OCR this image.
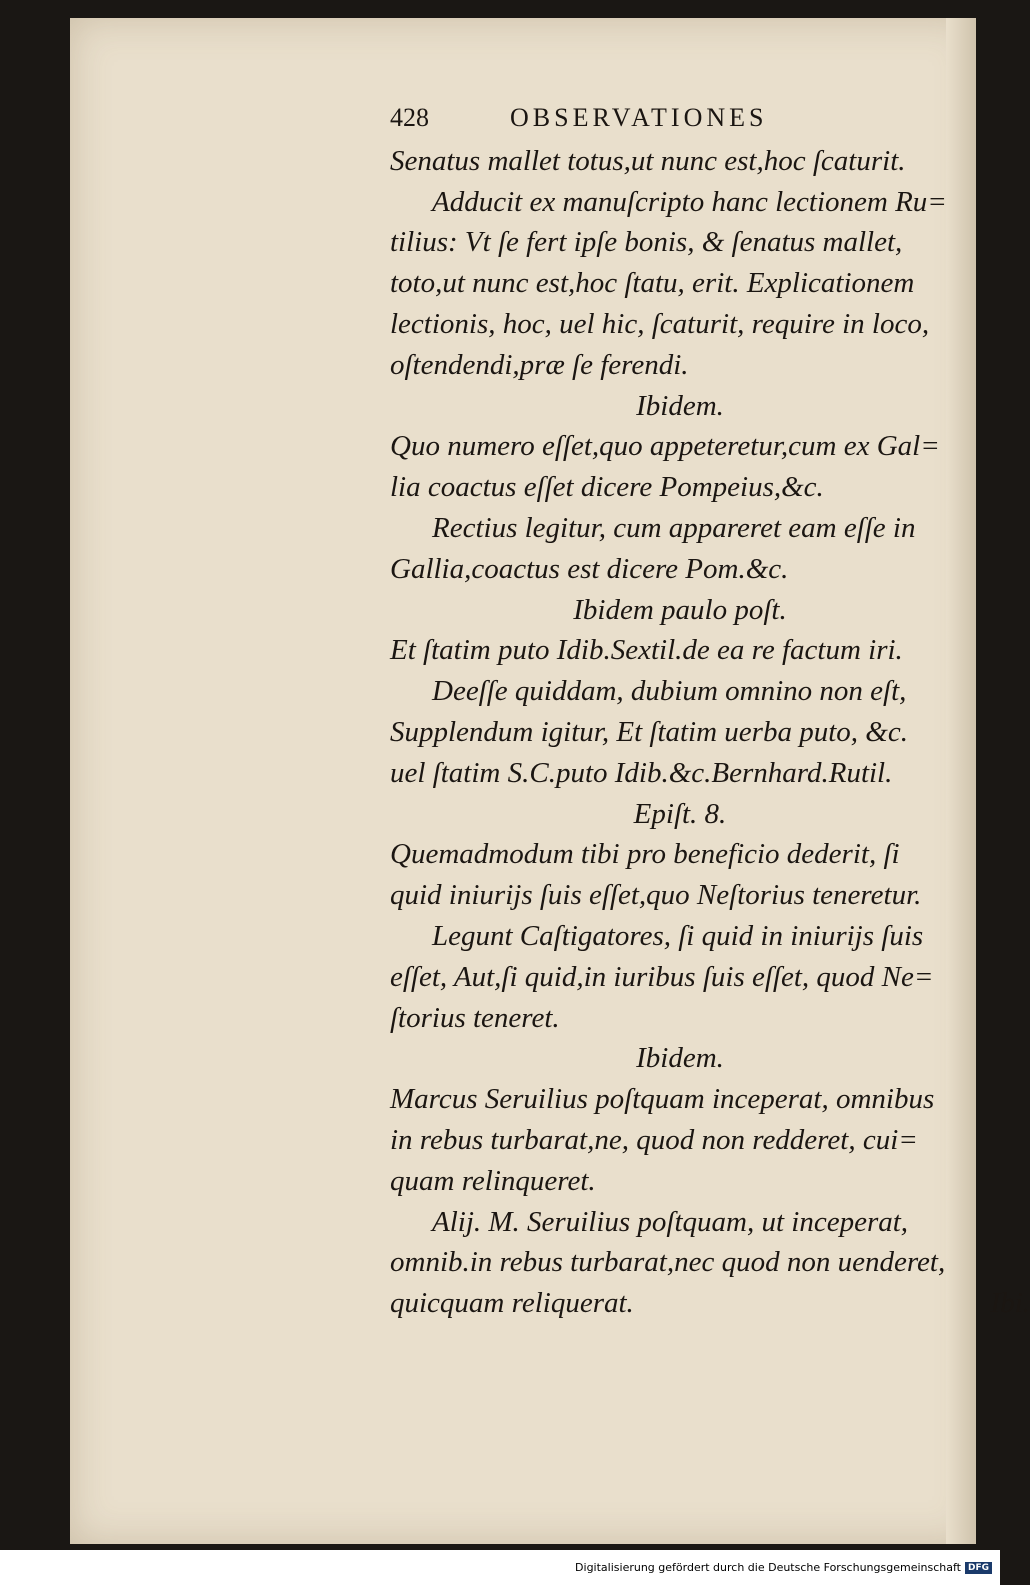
428	OBSERVATIONES
Senatus mallet totus,ut nunc est,hoc ſcaturit.
Adducit ex manuſcripto hanc lectionem Ru=
tilius: Vt ſe fert ipſe bonis, & ſenatus mallet,
toto,ut nunc est,hoc ſtatu, erit. Explicationem
lectionis, hoc, uel hic, ſcaturit, require in loco,
oſtendendi,præ ſe ferendi.
Ibidem.
Quo numero eſſet,quo appeteretur,cum ex Gal=
lia coactus eſſet dicere Pompeius,&c.
Rectius legitur, cum appareret eam eſſe in
Gallia,coactus est dicere Pom.&c.
Ibidem paulo poſt.
Et ſtatim puto Idib.Sextil.de ea re factum iri.
Deeſſe quiddam, dubium omnino non eſt,
Supplendum igitur, Et ſtatim uerba puto, &c.
uel ſtatim S.C.puto Idib.&c.Bernhard.Rutil.
Epiſt. 8.
Quemadmodum tibi pro beneficio dederit, ſi
quid iniurijs ſuis eſſet,quo Neſtorius teneretur.
Legunt Caſtigatores, ſi quid in iniurijs ſuis
eſſet, Aut,ſi quid,in iuribus ſuis eſſet, quod Ne=
ſtorius teneret.
Ibidem.
Marcus Seruilius poſtquam inceperat, omnibus
in rebus turbarat,ne, quod non redderet, cui=
quam relinqueret.
Alij. M. Seruilius poſtquam, ut inceperat,
omnib.in rebus turbarat,nec quod non uenderet,
quicquam reliquerat.	Ibi.
Digitalisierung gefördert durch die Deutsche Forschungsgemeinschaft DFG
